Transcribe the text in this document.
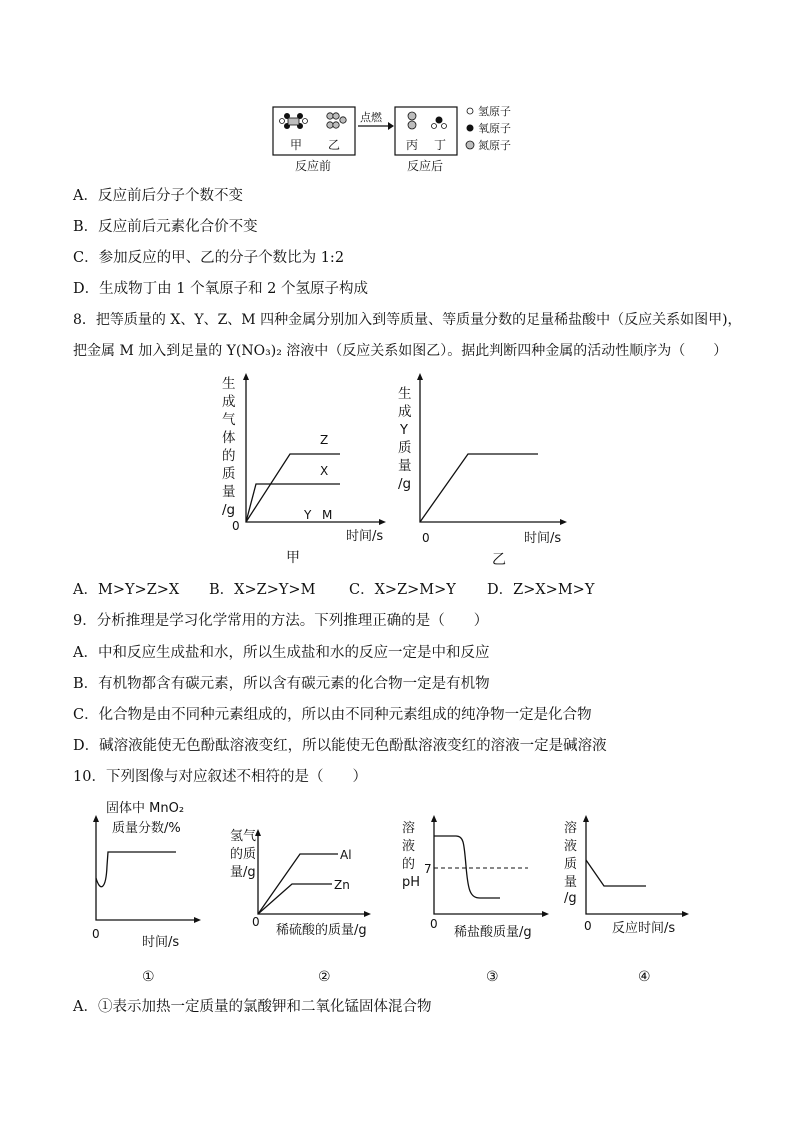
甲 乙
点燃
丙 丁
氢原子
氧原子
氮原子
反应前	反应后
A．反应前后分子个数不变
B．反应前后元素化合价不变
C．参加反应的甲、乙的分子个数比为 1:2
D．生成物丁由 1 个氧原子和 2 个氢原子构成
8．把等质量的 X、Y、Z、M 四种金属分别加入到等质量、等质量分数的足量稀盐酸中（反应关系如图甲)，
把金属 M 加入到足量的 Y(NO₃)₂ 溶液中（反应关系如图乙）。据此判断四种金属的活动性顺序为（　　）
生
成
气
体
的
质
量
/g
Z
X
Y M
0
时间/s
甲
生
成
Y
质
量
/g
0	时间/s
乙
A．M>Y>Z>X B．X>Z>Y>M C．X>Z>M>Y D．Z>X>M>Y
9．分析推理是学习化学常用的方法。下列推理正确的是（　　）
A．中和反应生成盐和水，所以生成盐和水的反应一定是中和反应
B．有机物都含有碳元素，所以含有碳元素的化合物一定是有机物
C．化合物是由不同种元素组成的，所以由不同种元素组成的纯净物一定是化合物
D．碱溶液能使无色酚酞溶液变红，所以能使无色酚酞溶液变红的溶液一定是碱溶液
10．下列图像与对应叙述不相符的是（　　）
固体中 MnO₂
质量分数/%
0
时间/s
①
氢气
的质
量/g
Al
Zn
0
稀硫酸的质量/g
②
溶
液
的
pH
7
0
稀盐酸质量/g
③
溶
液
质
量
/g
0 反应时间/s
④
A．①表示加热一定质量的氯酸钾和二氧化锰固体混合物
